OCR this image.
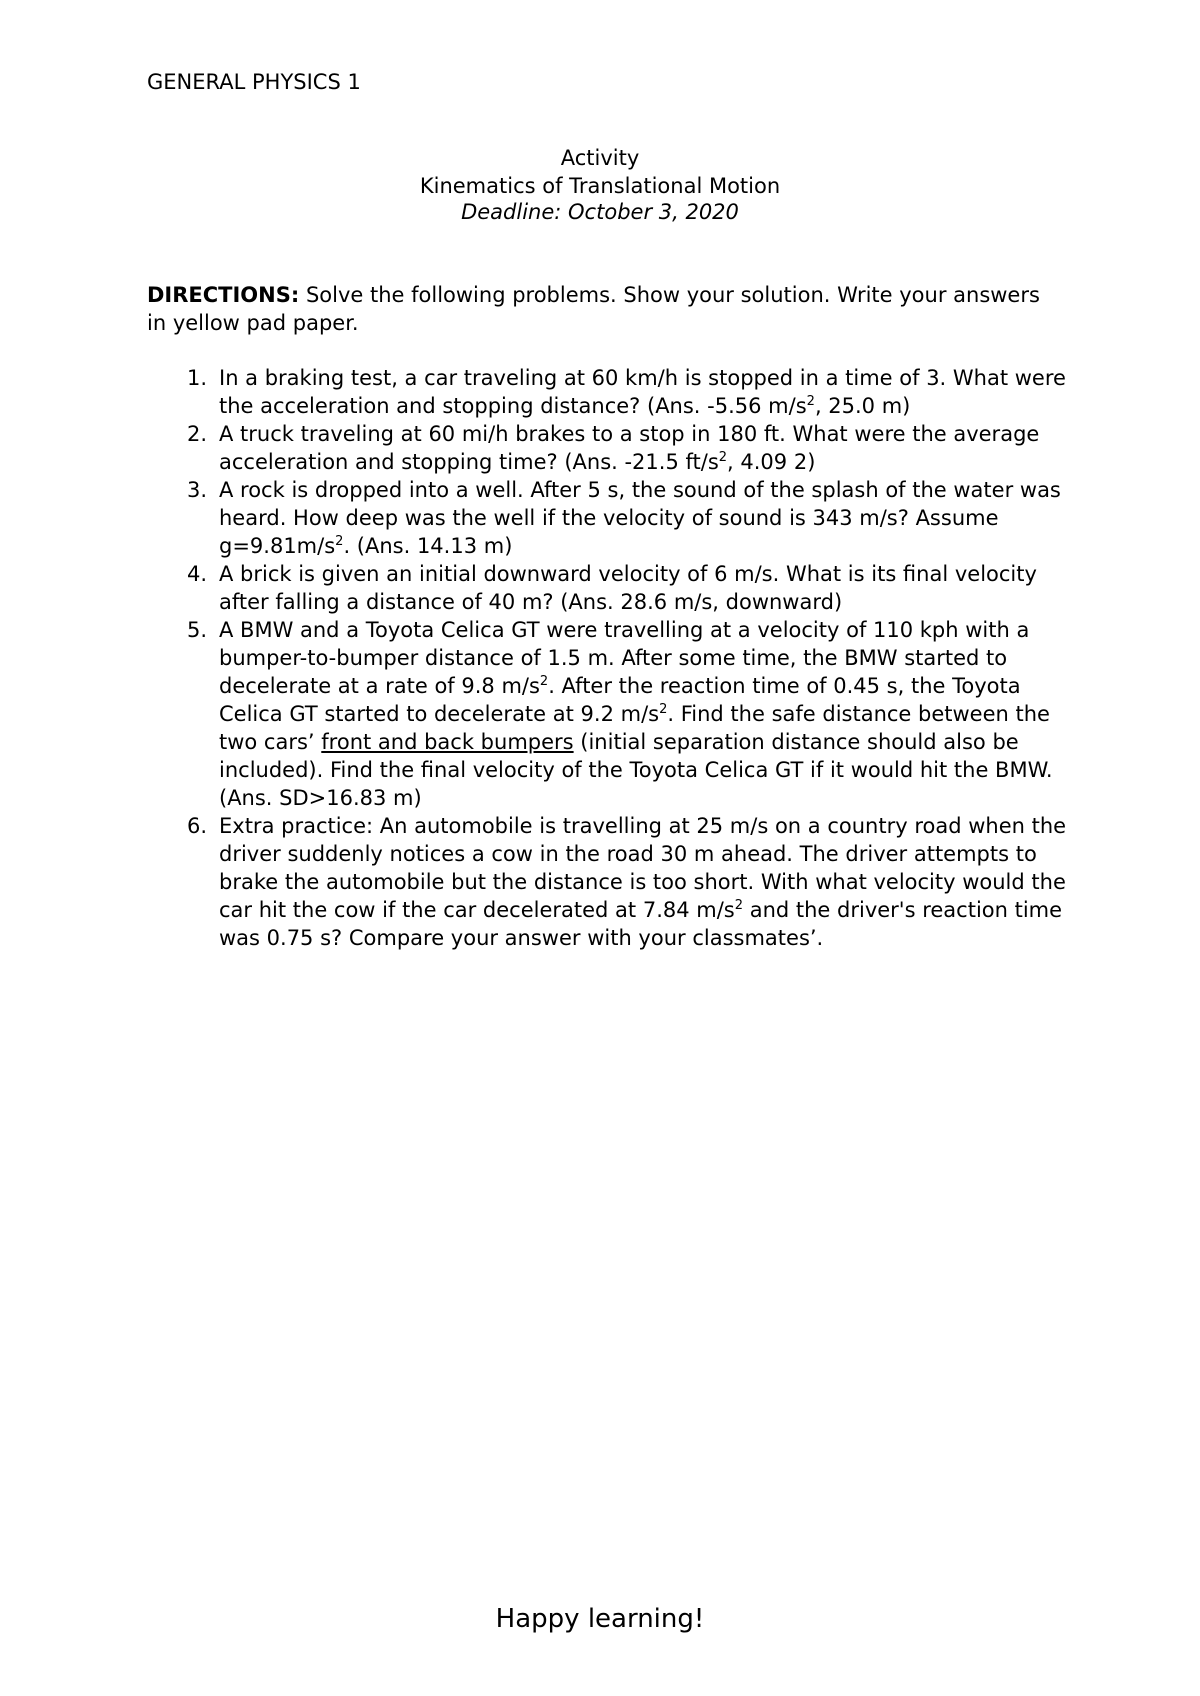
GENERAL PHYSICS 1
Activity
Kinematics of Translational Motion
Deadline: October 3, 2020
DIRECTIONS: Solve the following problems. Show your solution. Write your answers in yellow pad paper.
1. In a braking test, a car traveling at 60 km/h is stopped in a time of 3. What were the acceleration and stopping distance? (Ans. -5.56 $m/s^2$, 25.0 m)
2. A truck traveling at 60 mi/h brakes to a stop in 180 ft. What were the average acceleration and stopping time? (Ans. -21.5 $ft/s^2$, 4.09 2)
3. A rock is dropped into a well. After 5 s, the sound of the splash of the water was heard. How deep was the well if the velocity of sound is 343 m/s? Assume $g=9.81m/s^2$. (Ans. 14.13 m)
4. A brick is given an initial downward velocity of 6 m/s. What is its final velocity after falling a distance of 40 m? (Ans. 28.6 m/s, downward)
5. A BMW and a Toyota Celica GT were travelling at a velocity of 110 kph with a bumper-to-bumper distance of 1.5 m. After some time, the BMW started to decelerate at a rate of 9.8 $m/s^2$. After the reaction time of 0.45 s, the Toyota Celica GT started to decelerate at 9.2 $m/s^2$. Find the safe distance between the two cars’ front and back bumpers (initial separation distance should also be included). Find the final velocity of the Toyota Celica GT if it would hit the BMW. (Ans. SD>16.83 m)
6. Extra practice: An automobile is travelling at 25 m/s on a country road when the driver suddenly notices a cow in the road 30 m ahead. The driver attempts to brake the automobile but the distance is too short. With what velocity would the car hit the cow if the car decelerated at 7.84 $m/s^2$ and the driver's reaction time was 0.75 s? Compare your answer with your classmates’.
Happy learning!
